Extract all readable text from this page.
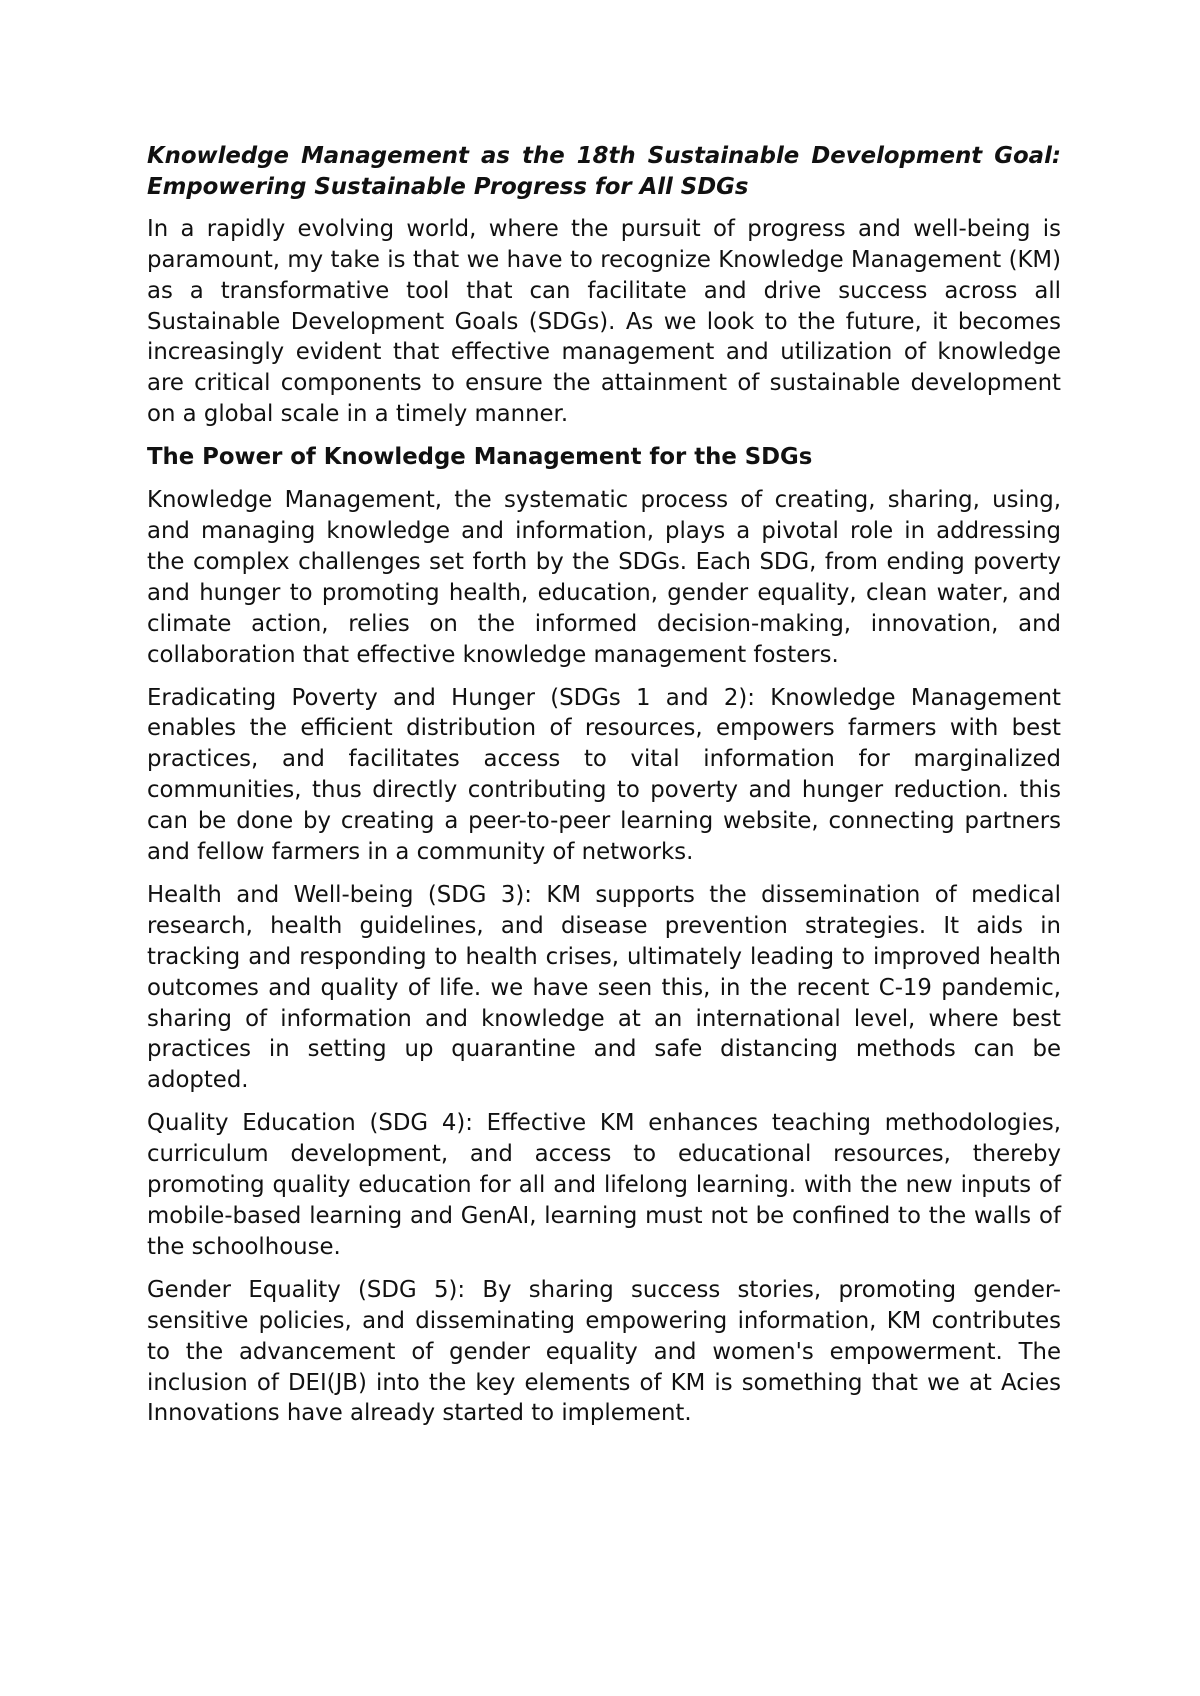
Knowledge Management as the 18th Sustainable Development Goal: Empowering Sustainable Progress for All SDGs

In a rapidly evolving world, where the pursuit of progress and well-being is paramount, my take is that we have to recognize Knowledge Management (KM) as a transformative tool that can facilitate and drive success across all Sustainable Development Goals (SDGs). As we look to the future, it becomes increasingly evident that effective management and utilization of knowledge are critical components to ensure the attainment of sustainable development on a global scale in a timely manner.

The Power of Knowledge Management for the SDGs

Knowledge Management, the systematic process of creating, sharing, using, and managing knowledge and information, plays a pivotal role in addressing the complex challenges set forth by the SDGs. Each SDG, from ending poverty and hunger to promoting health, education, gender equality, clean water, and climate action, relies on the informed decision-making, innovation, and collaboration that effective knowledge management fosters.

Eradicating Poverty and Hunger (SDGs 1 and 2): Knowledge Management enables the efficient distribution of resources, empowers farmers with best practices, and facilitates access to vital information for marginalized communities, thus directly contributing to poverty and hunger reduction. this can be done by creating a peer-to-peer learning website, connecting partners and fellow farmers in a community of networks.

Health and Well-being (SDG 3): KM supports the dissemination of medical research, health guidelines, and disease prevention strategies. It aids in tracking and responding to health crises, ultimately leading to improved health outcomes and quality of life. we have seen this, in the recent C-19 pandemic, sharing of information and knowledge at an international level, where best practices in setting up quarantine and safe distancing methods can be adopted.

Quality Education (SDG 4): Effective KM enhances teaching methodologies, curriculum development, and access to educational resources, thereby promoting quality education for all and lifelong learning. with the new inputs of mobile-based learning and GenAI, learning must not be confined to the walls of the schoolhouse.

Gender Equality (SDG 5): By sharing success stories, promoting gender-sensitive policies, and disseminating empowering information, KM contributes to the advancement of gender equality and women's empowerment. The inclusion of DEI(JB) into the key elements of KM is something that we at Acies Innovations have already started to implement.
